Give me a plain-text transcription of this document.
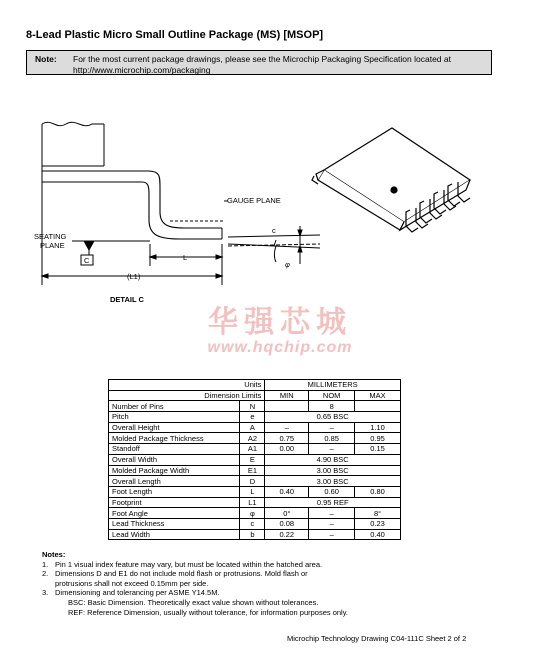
8-Lead Plastic Micro Small Outline Package (MS) [MSOP]
Note: For the most current package drawings, please see the Microchip Packaging Specification located at
http://www.microchip.com/packaging
GAUGE PLANE
SEATING
PLANE
C	L
(L1)
c
φ
DETAIL C
华强芯城
www.hqchip.com
Units		MILLIMETERS		
Dimension Limits		MIN	NOM	MAX
Number of Pins	N		8	
Pitch	e	0.65 BSC		
Overall Height	A	–	–	1.10
Molded Package Thickness	A2	0.75	0.85	0.95
Standoff	A1	0.00	–	0.15
Overall Width	E	4.90 BSC		
Molded Package Width	E1	3.00 BSC		
Overall Length	D	3.00 BSC		
Foot Length	L	0.40	0.60	0.80
Footprint	L1	0.95 REF		
Foot Angle	φ	0°	–	8°
Lead Thickness	c	0.08	–	0.23
Lead Width	b	0.22	–	0.40
Notes:
1. Pin 1 visual index feature may vary, but must be located within the hatched area.
2. Dimensions D and E1 do not include mold flash or protrusions. Mold flash or
protrusions shall not exceed 0.15mm per side.
3. Dimensioning and tolerancing per ASME Y14.5M.
BSC: Basic Dimension. Theoretically exact value shown without tolerances.
REF: Reference Dimension, usually without tolerance, for information purposes only.
Microchip Technology Drawing C04-111C Sheet 2 of 2
